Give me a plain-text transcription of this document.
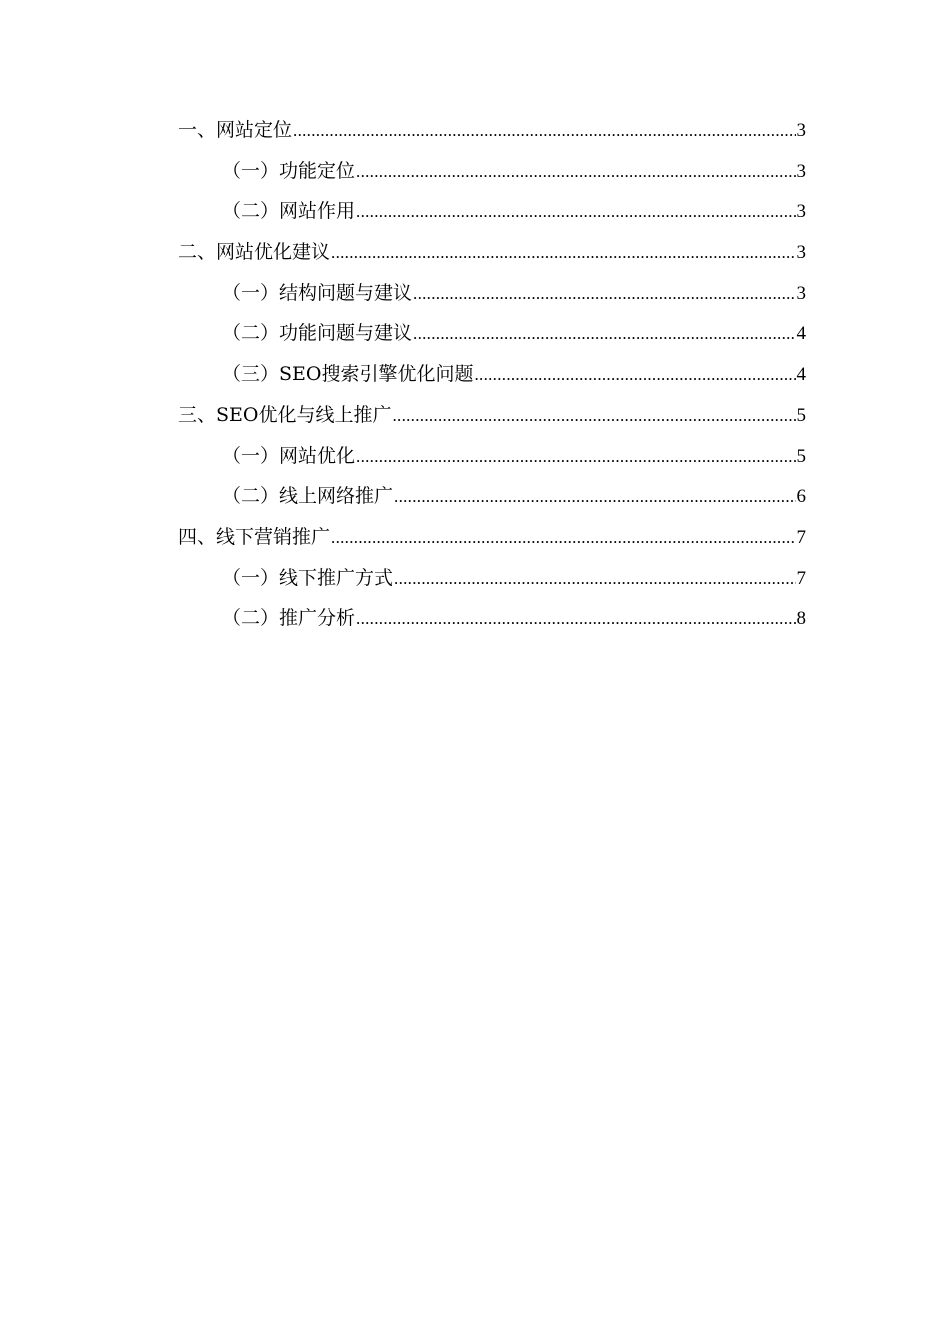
一、网站定位 .....	3
（一）功能定位 .....	3
（二）网站作用 .....	3
二、网站优化建议 .....	3
（一）结构问题与建议 .....	3
（二）功能问题与建议 .....	4
（三）SEO搜索引擎优化问题 .....	4
三、SEO优化与线上推广 .....	5
（一）网站优化 .....	5
（二）线上网络推广 .....	6
四、线下营销推广 .....	7
（一）线下推广方式 .....	7
（二）推广分析 .....	8
